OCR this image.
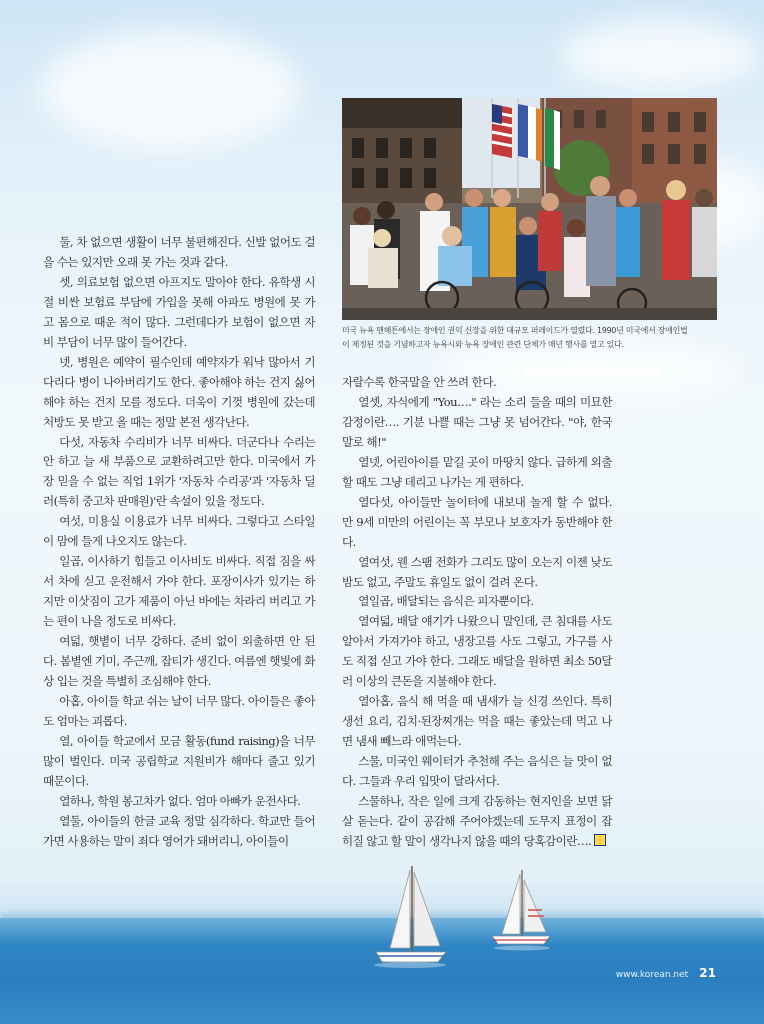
미국 뉴욕 맨해튼에서는 장애인 권익 신장을 위한 대규모 퍼레이드가 열렸다. 1990년 미국에서 장애인법
이 제정된 것을 기념하고자 뉴욕시와 뉴욕 장애인 관련 단체가 매년 행사를 열고 있다.

둘, 차 없으면 생활이 너무 불편해진다. 신발 없어도 걸을 수는 있지만 오래 못 가는 것과 같다.

셋, 의료보험 없으면 아프지도 말아야 한다. 유학생 시절 비싼 보험료 부담에 가입을 못해 아파도 병원에 못 가고 몸으로 때운 적이 많다. 그런데다가 보험이 없으면 자비 부담이 너무 많이 들어간다.

넷, 병원은 예약이 필수인데 예약자가 워낙 많아서 기다리다 병이 나아버리기도 한다. 좋아해야 하는 건지 싫어해야 하는 건지 모를 정도다. 더욱이 기껏 병원에 갔는데 처방도 못 받고 올 때는 정말 본전 생각난다.

다섯, 자동차 수리비가 너무 비싸다. 더군다나 수리는 안 하고 늘 새 부품으로 교환하려고만 한다. 미국에서 가장 믿을 수 없는 직업 1위가 '자동차 수리공'과 '자동차 딜러(특히 중고차 판매원)'란 속설이 있을 정도다.

여섯, 미용실 이용료가 너무 비싸다. 그렇다고 스타일이 맘에 들게 나오지도 않는다.

일곱, 이사하기 힘들고 이사비도 비싸다. 직접 짐을 싸서 차에 싣고 운전해서 가야 한다. 포장이사가 있기는 하지만 이삿짐이 고가 제품이 아닌 바에는 차라리 버리고 가는 편이 나을 정도로 비싸다.

여덟, 햇볕이 너무 강하다. 준비 없이 외출하면 안 된다. 봄볕엔 기미, 주근깨, 잡티가 생긴다. 여름엔 햇빛에 화상 입는 것을 특별히 조심해야 한다.

아홉, 아이들 학교 쉬는 날이 너무 많다. 아이들은 좋아도 엄마는 괴롭다.

열, 아이들 학교에서 모금 활동(fund raising)을 너무 많이 벌인다. 미국 공립학교 지원비가 해마다 줄고 있기 때문이다.

열하나, 학원 봉고차가 없다. 엄마 아빠가 운전사다.

열둘, 아이들의 한글 교육 정말 심각하다. 학교만 들어가면 사용하는 말이 죄다 영어가 돼버리니, 아이들이

자랄수록 한국말을 안 쓰려 한다.

열셋, 자식에게 "You…." 라는 소리 들을 때의 미묘한 감정이란…. 기분 나쁠 때는 그냥 못 넘어간다. "야, 한국말로 해!"

열넷, 어린아이를 맡길 곳이 마땅치 않다. 급하게 외출할 때도 그냥 데리고 나가는 게 편하다.

열다섯, 아이들만 놀이터에 내보내 놀게 할 수 없다. 만 9세 미만의 어린이는 꼭 부모나 보호자가 동반해야 한다.

열여섯, 웬 스팸 전화가 그리도 많이 오는지 이젠 낮도 밤도 없고, 주말도 휴일도 없이 걸려 온다.

열일곱, 배달되는 음식은 피자뿐이다.

열여덟, 배달 얘기가 나왔으니 말인데, 큰 침대를 사도 알아서 가져가야 하고, 냉장고를 사도 그렇고, 가구를 사도 직접 싣고 가야 한다. 그래도 배달을 원하면 최소 50달러 이상의 큰돈을 지불해야 한다.

열아홉, 음식 해 먹을 때 냄새가 늘 신경 쓰인다. 특히 생선 요리, 김치·된장찌개는 먹을 때는 좋았는데 먹고 나면 냄새 빼느라 애먹는다.

스물, 미국인 웨이터가 추천해 주는 음식은 늘 맛이 없다. 그들과 우리 입맛이 달라서다.

스물하나, 작은 일에 크게 감동하는 현지인을 보면 닭살 돋는다. 같이 공감해 주어야겠는데 도무지 표정이 잡히질 않고 할 말이 생각나지 않을 때의 당혹감이란….

www.korean.net 21
